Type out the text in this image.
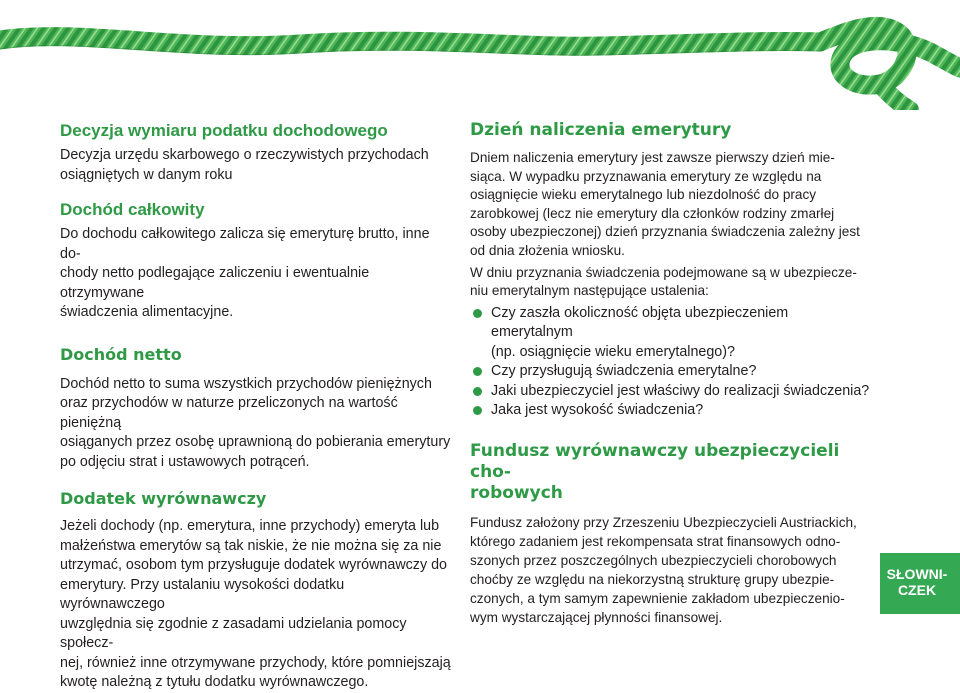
Decyzja wymiaru podatku dochodowego

Decyzja urzędu skarbowego o rzeczywistych przychodach
osiągniętych w danym roku

Dochód całkowity

Do dochodu całkowitego zalicza się emeryturę brutto, inne do-
chody netto podlegające zaliczeniu i ewentualnie otrzymywane
świadczenia alimentacyjne.

Dochód netto

Dochód netto to suma wszystkich przychodów pieniężnych
oraz przychodów w naturze przeliczonych na wartość pieniężną
osiąganych przez osobę uprawnioną do pobierania emerytury
po odjęciu strat i ustawowych potrąceń.

Dodatek wyrównawczy

Jeżeli dochody (np. emerytura, inne przychody) emeryta lub
małżeństwa emerytów są tak niskie, że nie można się za nie
utrzymać, osobom tym przysługuje dodatek wyrównawczy do
emerytury. Przy ustalaniu wysokości dodatku wyrównawczego
uwzględnia się zgodnie z zasadami udzielania pomocy społecz-
nej, również inne otrzymywane przychody, które pomniejszają
kwotę należną z tytułu dodatku wyrównawczego.

Dzień naliczenia emerytury

Dniem naliczenia emerytury jest zawsze pierwszy dzień mie-
siąca. W wypadku przyznawania emerytury ze względu na
osiągnięcie wieku emerytalnego lub niezdolność do pracy
zarobkowej (lecz nie emerytury dla członków rodziny zmarłej
osoby ubezpieczonej) dzień przyznania świadczenia zależny jest
od dnia złożenia wniosku.

W dniu przyznania świadczenia podejmowane są w ubezpiecze-
niu emerytalnym następujące ustalenia:

Czy zaszła okoliczność objęta ubezpieczeniem emerytalnym
(np. osiągnięcie wieku emerytalnego)?
Czy przysługują świadczenia emerytalne?
Jaki ubezpieczyciel jest właściwy do realizacji świadczenia?
Jaka jest wysokość świadczenia?
Fundusz wyrównawczy ubezpieczycieli cho-
robowych

Fundusz założony przy Zrzeszeniu Ubezpieczycieli Austriackich,
którego zadaniem jest rekompensata strat finansowych odno-
szonych przez poszczególnych ubezpieczycieli chorobowych
choćby ze względu na niekorzystną strukturę grupy ubezpie-
czonych, a tym samym zapewnienie zakładom ubezpieczenio-
wym wystarczającej płynności finansowej.

SŁOWNI-
CZEK
